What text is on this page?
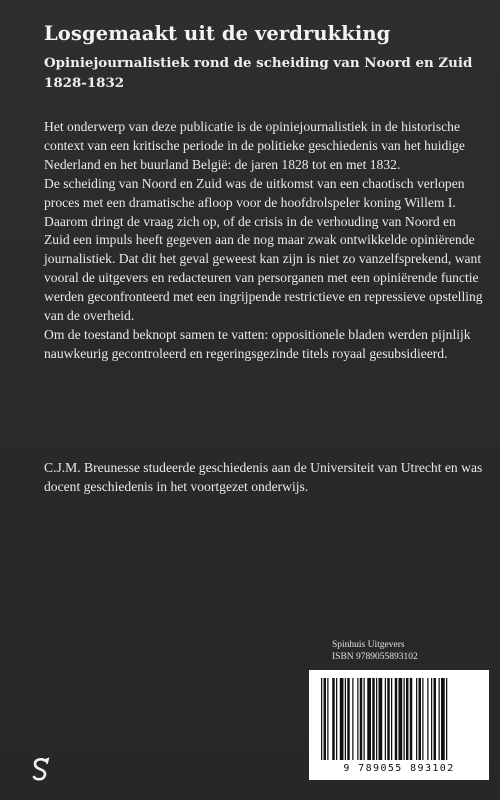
Losgemaakt uit de verdrukking
Opiniejournalistiek rond de scheiding van Noord en Zuid 1828-1832

Het onderwerp van deze publicatie is de opiniejournalistiek in de historische context van een kritische periode in de politieke geschiedenis van het huidige Nederland en het buurland België: de jaren 1828 tot en met 1832.

De scheiding van Noord en Zuid was de uitkomst van een chaotisch verlopen proces met een dramatische afloop voor de hoofdrolspeler koning Willem I.

Daarom dringt de vraag zich op, of de crisis in de verhouding van Noord en Zuid een impuls heeft gegeven aan de nog maar zwak ontwikkelde opiniërende journalistiek. Dat dit het geval geweest kan zijn is niet zo vanzelfsprekend, want vooral de uitgevers en redacteuren van persorganen met een opiniërende functie werden geconfronteerd met een ingrijpende restrictieve en repressieve opstelling van de overheid.

Om de toestand beknopt samen te vatten: oppositionele bladen werden pijnlijk nauwkeurig gecontroleerd en regeringsgezinde titels royaal gesubsidieerd.

C.J.M. Breunesse studeerde geschiedenis aan de Universiteit van Utrecht en was docent geschiedenis in het voortgezet onderwijs.

Spinhuis Uitgevers
ISBN 9789055893102
9 789055 893102
